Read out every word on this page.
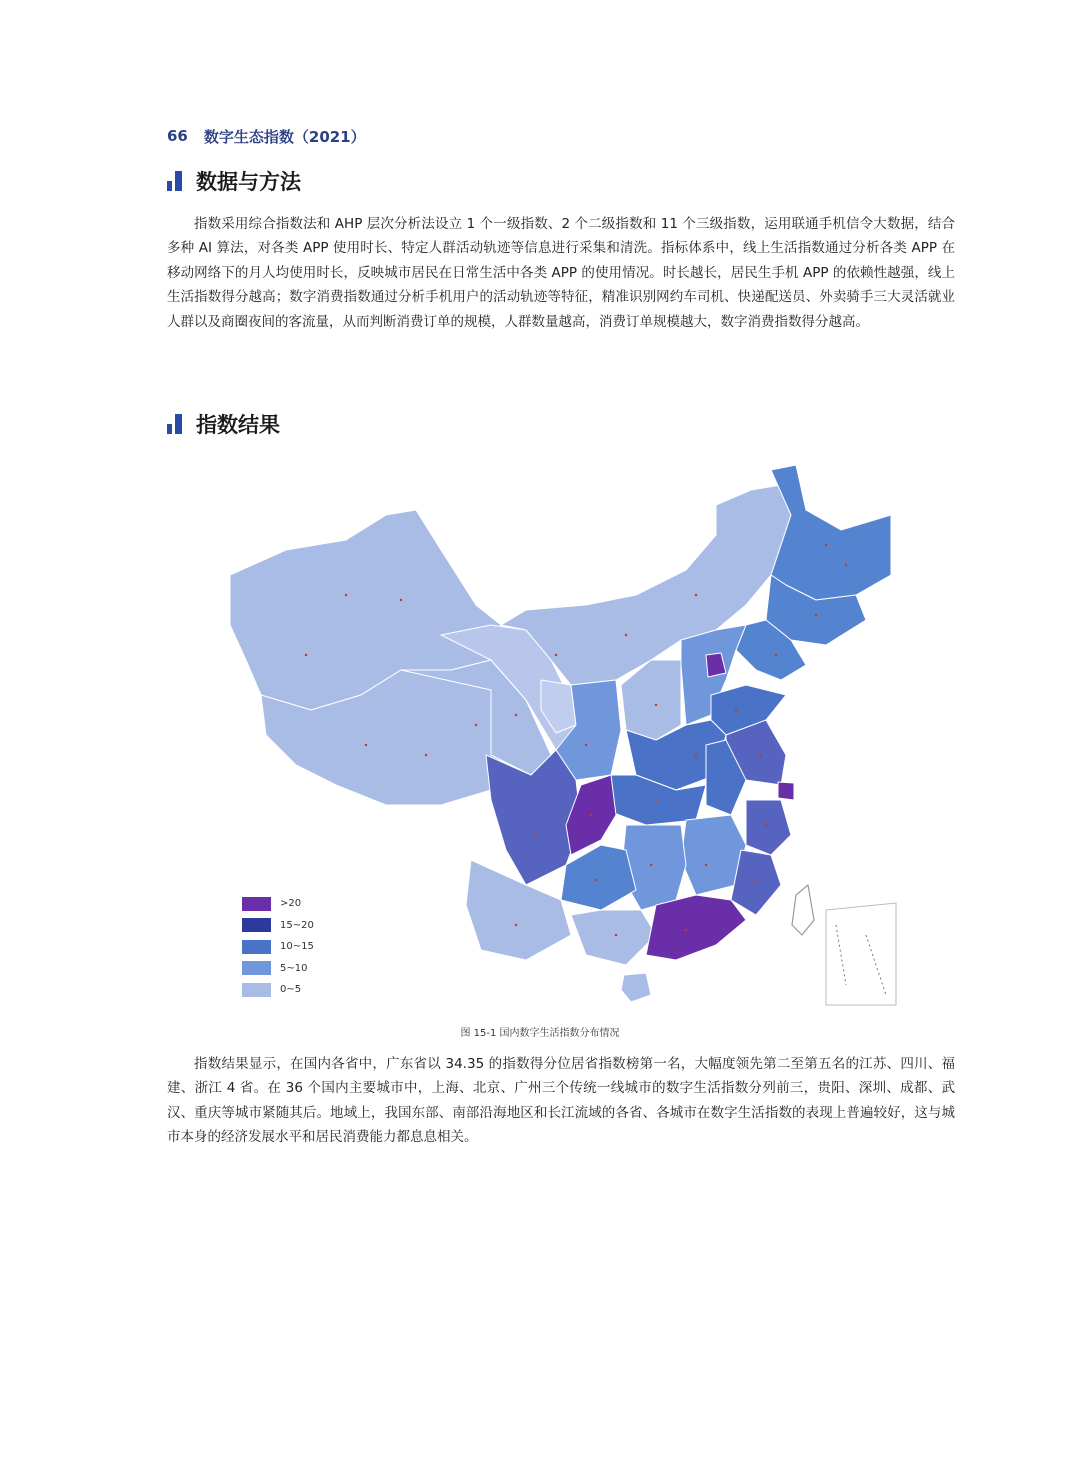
66 数字生态指数（2021）
数据与方法

指数采用综合指数法和 AHP 层次分析法设立 1 个一级指数、2 个二级指数和 11 个三级指数，运用联通手机信令大数据，结合多种 AI 算法，对各类 APP 使用时长、特定人群活动轨迹等信息进行采集和清洗。指标体系中，线上生活指数通过分析各类 APP 在移动网络下的月人均使用时长，反映城市居民在日常生活中各类 APP 的使用情况。时长越长，居民生手机 APP 的依赖性越强，线上生活指数得分越高；数字消费指数通过分析手机用户的活动轨迹等特征，精准识别网约车司机、快递配送员、外卖骑手三大灵活就业人群以及商圈夜间的客流量，从而判断消费订单的规模，人群数量越高，消费订单规模越大，数字消费指数得分越高。

指数结果
>20
15~20
10~15
5~10
0~5
图 15-1 国内数字生活指数分布情况

指数结果显示，在国内各省中，广东省以 34.35 的指数得分位居省指数榜第一名，大幅度领先第二至第五名的江苏、四川、福建、浙江 4 省。在 36 个国内主要城市中，上海、北京、广州三个传统一线城市的数字生活指数分列前三，贵阳、深圳、成都、武汉、重庆等城市紧随其后。地域上，我国东部、南部沿海地区和长江流域的各省、各城市在数字生活指数的表现上普遍较好，这与城市本身的经济发展水平和居民消费能力都息息相关。
